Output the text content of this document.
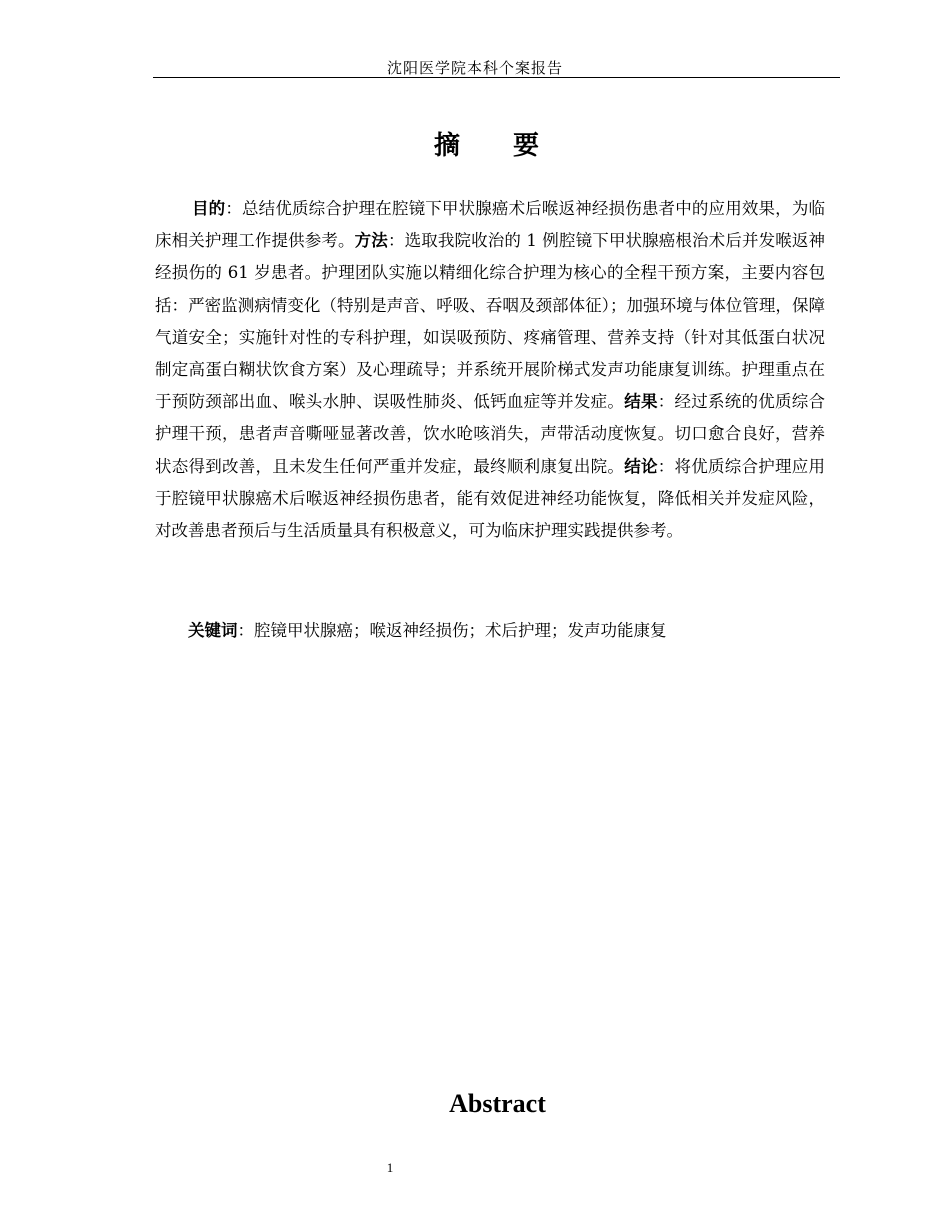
沈阳医学院本科个案报告
摘 要

目的：总结优质综合护理在腔镜下甲状腺癌术后喉返神经损伤患者中的应用效果，为临床相关护理工作提供参考。方法：选取我院收治的 1 例腔镜下甲状腺癌根治术后并发喉返神经损伤的 61 岁患者。护理团队实施以精细化综合护理为核心的全程干预方案，主要内容包括：严密监测病情变化（特别是声音、呼吸、吞咽及颈部体征）；加强环境与体位管理，保障气道安全；实施针对性的专科护理，如误吸预防、疼痛管理、营养支持（针对其低蛋白状况制定高蛋白糊状饮食方案）及心理疏导；并系统开展阶梯式发声功能康复训练。护理重点在于预防颈部出血、喉头水肿、误吸性肺炎、低钙血症等并发症。结果：经过系统的优质综合护理干预，患者声音嘶哑显著改善，饮水呛咳消失，声带活动度恢复。切口愈合良好，营养状态得到改善，且未发生任何严重并发症，最终顺利康复出院。结论：将优质综合护理应用于腔镜甲状腺癌术后喉返神经损伤患者，能有效促进神经功能恢复，降低相关并发症风险，对改善患者预后与生活质量具有积极意义，可为临床护理实践提供参考。

关键词：腔镜甲状腺癌；喉返神经损伤；术后护理；发声功能康复

Abstract
1
